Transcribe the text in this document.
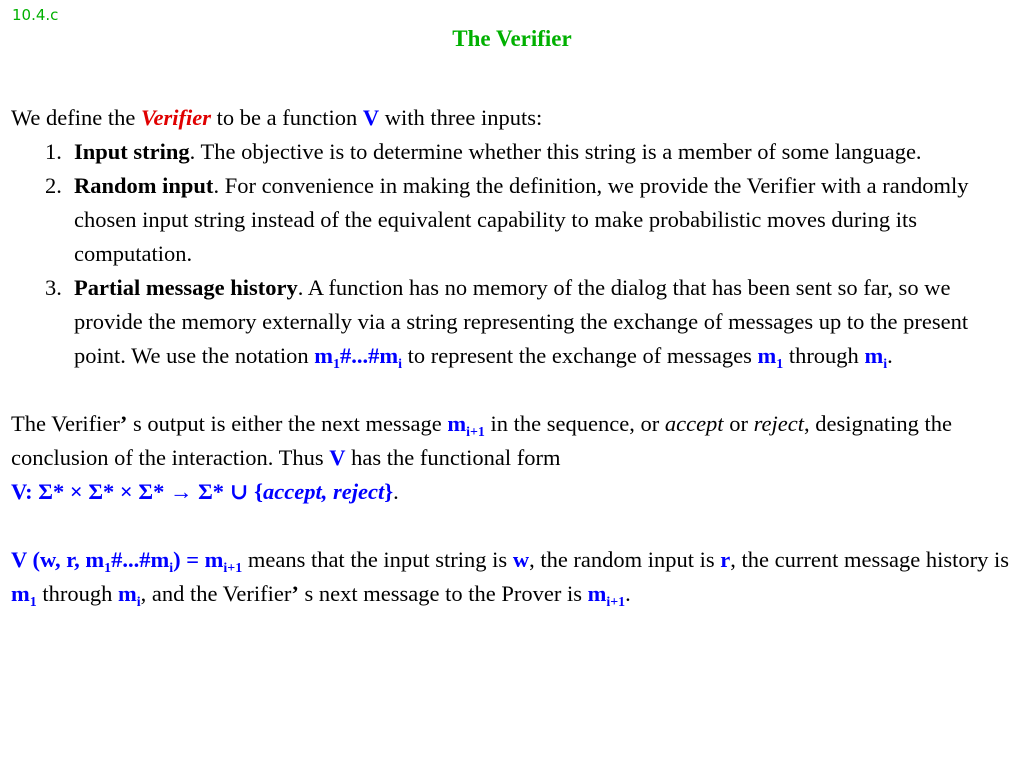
10.4.c
The Verifier

We define the Verifier to be a function V with three inputs:

1. Input string. The objective is to determine whether this string is a member of some language.
2. Random input. For convenience in making the definition, we provide the Verifier with a randomly chosen input string instead of the equivalent capability to make probabilistic moves during its computation.
3. Partial message history. A function has no memory of the dialog that has been sent so far, so we provide the memory externally via a string representing the exchange of messages up to the present point. We use the notation $m_1\#...\#m_i$ to represent the exchange of messages $m_1$ through $m_i$.

The Verifier’ s output is either the next message $m_{i+1}$ in the sequence, or accept or reject, designating the conclusion of the interaction. Thus V has the functional form
V: Σ* × Σ* × Σ* → Σ* ∪ {accept, reject}.

V (w, r, $m_1\#...\#m_i) = m_{i+1}$ means that the input string is w, the random input is r, the current message history is $m_1$ through $m_i$, and the Verifier’ s next message to the Prover is $m_{i+1}$.
